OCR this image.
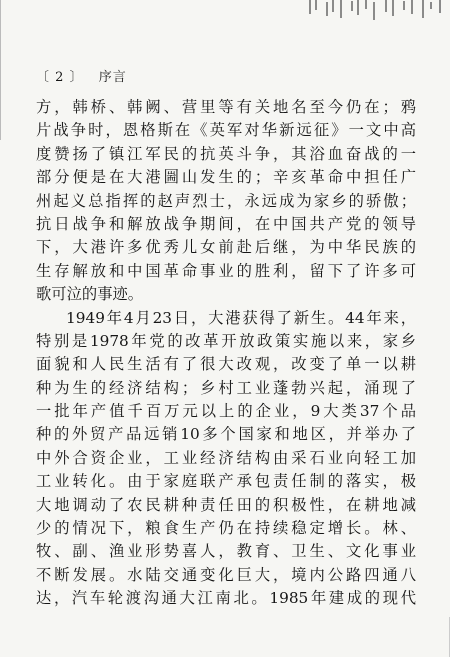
〔 2 〕 序言
方，韩桥、韩阙、营里等有关地名至今仍在；鸦
片战争时，恩格斯在《英军对华新远征》一文中高
度赞扬了镇江军民的抗英斗争，其浴血奋战的一
部分便是在大港圌山发生的；辛亥革命中担任广
州起义总指挥的赵声烈士，永远成为家乡的骄傲；
抗日战争和解放战争期间，在中国共产党的领导
下，大港许多优秀儿女前赴后继，为中华民族的
生存解放和中国革命事业的胜利，留下了许多可
歌可泣的事迹。
1949年4月23日，大港获得了新生。44年来，
特别是1978年党的改革开放政策实施以来，家乡
面貌和人民生活有了很大改观，改变了单一以耕
种为生的经济结构；乡村工业蓬勃兴起，涌现了
一批年产值千百万元以上的企业，9大类37个品
种的外贸产品远销10多个国家和地区，并举办了
中外合资企业，工业经济结构由采石业向轻工加
工业转化。由于家庭联产承包责任制的落实，极
大地调动了农民耕种责任田的积极性，在耕地减
少的情况下，粮食生产仍在持续稳定增长。林、
牧、副、渔业形势喜人，教育、卫生、文化事业
不断发展。水陆交通变化巨大，境内公路四通八
达，汽车轮渡沟通大江南北。1985年建成的现代
